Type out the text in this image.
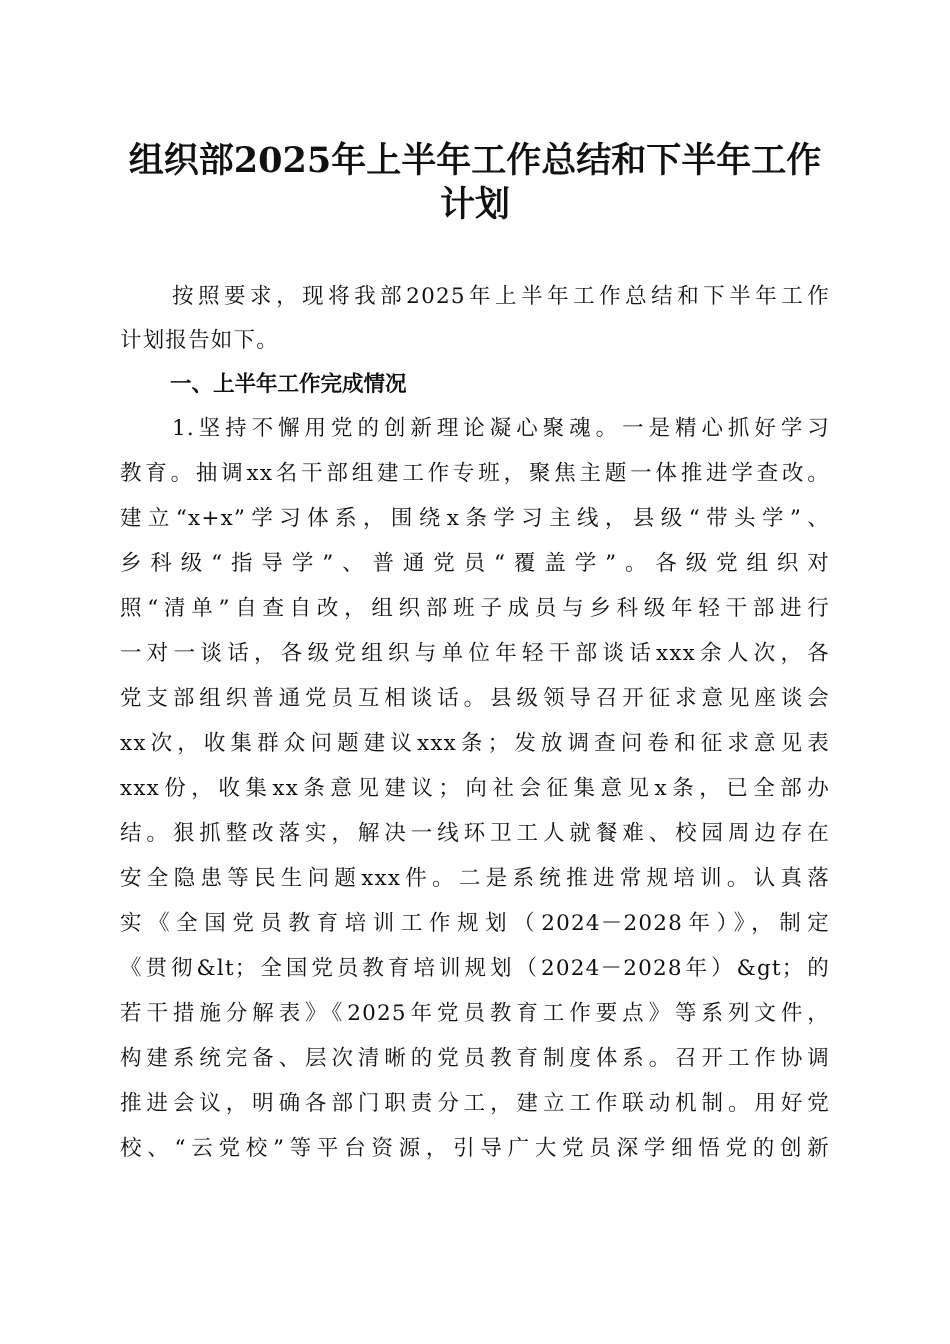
组织部2025年上半年工作总结和下半年工作
计划
按照要求，现将我部2025年上半年工作总结和下半年工作
计划报告如下。
一、上半年工作完成情况
1.坚持不懈用党的创新理论凝心聚魂。一是精心抓好学习
教育。抽调xx名干部组建工作专班，聚焦主题一体推进学查改。
建立“x+x”学习体系，围绕x条学习主线，县级“带头学”、
乡科级“指导学”、普通党员“覆盖学”。各级党组织对
照“清单”自查自改，组织部班子成员与乡科级年轻干部进行
一对一谈话，各级党组织与单位年轻干部谈话xxx余人次，各
党支部组织普通党员互相谈话。县级领导召开征求意见座谈会
xx次，收集群众问题建议xxx条；发放调查问卷和征求意见表
xxx份，收集xx条意见建议；向社会征集意见x条，已全部办
结。狠抓整改落实，解决一线环卫工人就餐难、校园周边存在
安全隐患等民生问题xxx件。二是系统推进常规培训。认真落
实《全国党员教育培训工作规划（2024－2028年）》，制定
《贯彻&lt；全国党员教育培训规划（2024－2028年）&gt；的
若干措施分解表》《2025年党员教育工作要点》等系列文件，
构建系统完备、层次清晰的党员教育制度体系。召开工作协调
推进会议，明确各部门职责分工，建立工作联动机制。用好党
校、“云党校”等平台资源，引导广大党员深学细悟党的创新
